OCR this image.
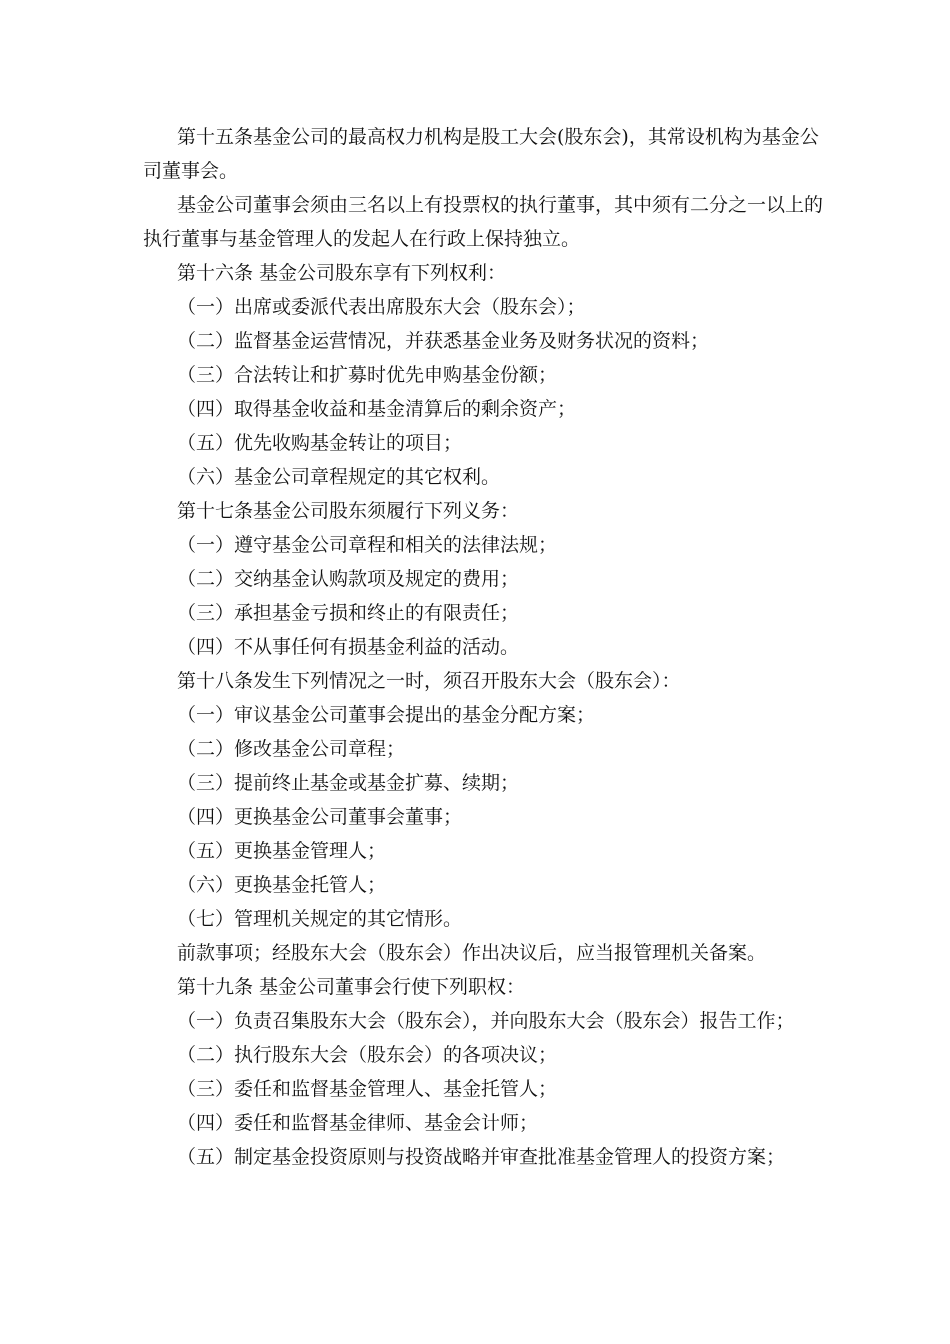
第十五条基金公司的最高权力机构是股工大会(股东会)，其常设机构为基金公司董事会。

基金公司董事会须由三名以上有投票权的执行董事，其中须有二分之一以上的执行董事与基金管理人的发起人在行政上保持独立。

第十六条 基金公司股东享有下列权利：

（一）出席或委派代表出席股东大会（股东会）；

（二）监督基金运营情况，并获悉基金业务及财务状况的资料；

（三）合法转让和扩募时优先申购基金份额；

（四）取得基金收益和基金清算后的剩余资产；

（五）优先收购基金转让的项目；

（六）基金公司章程规定的其它权利。

第十七条基金公司股东须履行下列义务：

（一）遵守基金公司章程和相关的法律法规；

（二）交纳基金认购款项及规定的费用；

（三）承担基金亏损和终止的有限责任；

（四）不从事任何有损基金利益的活动。

第十八条发生下列情况之一时，须召开股东大会（股东会）：

（一）审议基金公司董事会提出的基金分配方案；

（二）修改基金公司章程；

（三）提前终止基金或基金扩募、续期；

（四）更换基金公司董事会董事；

（五）更换基金管理人；

（六）更换基金托管人；

（七）管理机关规定的其它情形。

前款事项；经股东大会（股东会）作出决议后，应当报管理机关备案。

第十九条 基金公司董事会行使下列职权：

（一）负责召集股东大会（股东会），并向股东大会（股东会）报告工作；

（二）执行股东大会（股东会）的各项决议；

（三）委任和监督基金管理人、基金托管人；

（四）委任和监督基金律师、基金会计师；

（五）制定基金投资原则与投资战略并审查批准基金管理人的投资方案；
